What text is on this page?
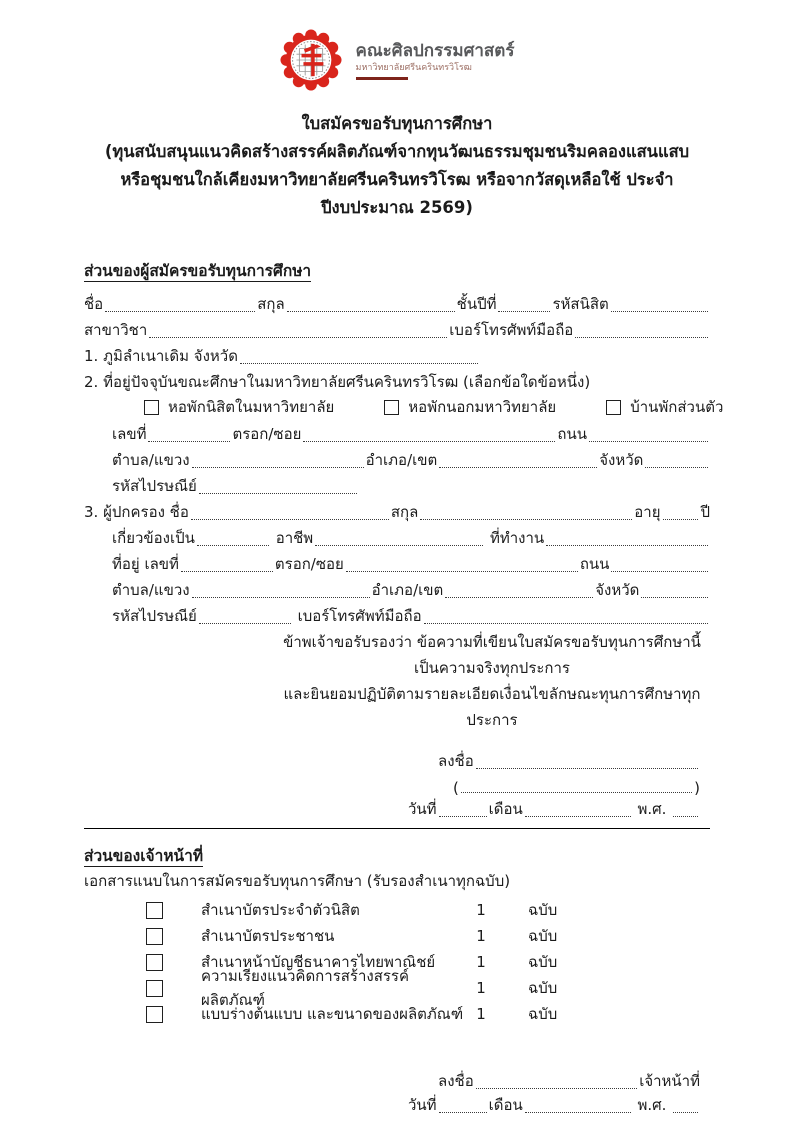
คณะศิลปกรรมศาสตร์
มหาวิทยาลัยศรีนครินทรวิโรฒ
ใบสมัครขอรับทุนการศึกษา
(ทุนสนับสนุนแนวคิดสร้างสรรค์ผลิตภัณฑ์จากทุนวัฒนธรรมชุมชนริมคลองแสนแสบ
หรือชุมชนใกล้เคียงมหาวิทยาลัยศรีนครินทรวิโรฒ หรือจากวัสดุเหลือใช้ ประจำปีงบประมาณ 2569)
ส่วนของผู้สมัครขอรับทุนการศึกษา
ชื่อ	สกุล	ชั้นปีที่	รหัสนิสิต
สาขาวิชา	เบอร์โทรศัพท์มือถือ
1. ภูมิลำเนาเดิม จังหวัด
2. ที่อยู่ปัจจุบันขณะศึกษาในมหาวิทยาลัยศรีนครินทรวิโรฒ (เลือกข้อใดข้อหนึ่ง)
หอพักนิสิตในมหาวิทยาลัย	หอพักนอกมหาวิทยาลัย	บ้านพักส่วนตัว
เลขที่	ตรอก/ซอย	ถนน
ตำบล/แขวง	อำเภอ/เขต	จังหวัด
รหัสไปรษณีย์
3. ผู้ปกครอง ชื่อ	สกุล	อายุ	ปี
เกี่ยวข้องเป็น	อาชีพ	ที่ทำงาน
ที่อยู่ เลขที่	ตรอก/ซอย	ถนน
ตำบล/แขวง	อำเภอ/เขต	จังหวัด
รหัสไปรษณีย์	เบอร์โทรศัพท์มือถือ
ข้าพเจ้าขอรับรองว่า ข้อความที่เขียนใบสมัครขอรับทุนการศึกษานี้ เป็นความจริงทุกประการ
และยินยอมปฏิบัติตามรายละเอียดเงื่อนไขลักษณะทุนการศึกษาทุกประการ
ลงชื่อ
(	)
วันที่	เดือน	พ.ศ.
ส่วนของเจ้าหน้าที่
เอกสารแนบในการสมัครขอรับทุนการศึกษา (รับรองสำเนาทุกฉบับ)
สำเนาบัตรประจำตัวนิสิต	1	ฉบับ
สำเนาบัตรประชาชน	1	ฉบับ
สำเนาหน้าบัญชีธนาคารไทยพาณิชย์	1	ฉบับ
ความเรียงแนวคิดการสร้างสรรค์ผลิตภัณฑ์
1	ฉบับ
แบบร่างต้นแบบ และขนาดของผลิตภัณฑ์ 1	ฉบับ
ลงชื่อ	เจ้าหน้าที่
วันที่	เดือน	พ.ศ.
